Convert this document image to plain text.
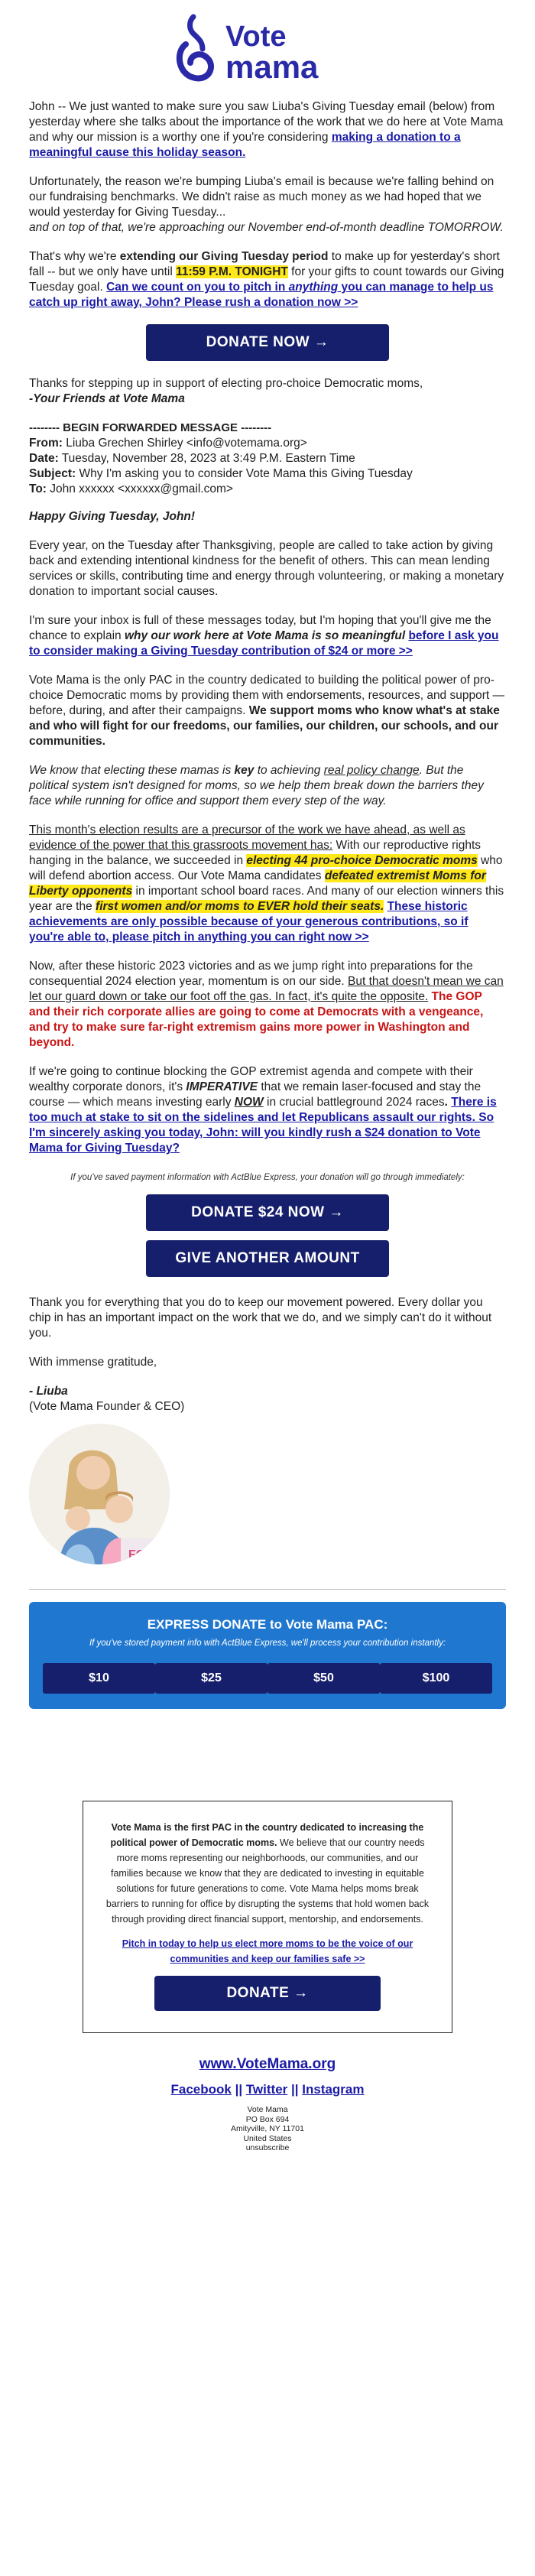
Vote
mama

John -- We just wanted to make sure you saw Liuba's Giving Tuesday email (below) from yesterday where she talks about the importance of the work that we do here at Vote Mama and why our mission is a worthy one if you're considering making a donation to a meaningful cause this holiday season.

Unfortunately, the reason we're bumping Liuba's email is because we're falling behind on our fundraising benchmarks. We didn't raise as much money as we had hoped that we would yesterday for Giving Tuesday...
and on top of that, we're approaching our November end-of-month deadline TOMORROW.

That's why we're extending our Giving Tuesday period to make up for yesterday's short fall -- but we only have until 11:59 P.M. TONIGHT for your gifts to count towards our Giving Tuesday goal. Can we count on you to pitch in anything you can manage to help us catch up right away, John? Please rush a donation now >>

DONATE NOW →

Thanks for stepping up in support of electing pro-choice Democratic moms,
-Your Friends at Vote Mama

-------- BEGIN FORWARDED MESSAGE --------

From: Liuba Grechen Shirley <info@votemama.org>
Date: Tuesday, November 28, 2023 at 3:49 P.M. Eastern Time
Subject: Why I'm asking you to consider Vote Mama this Giving Tuesday
To: John xxxxxx <xxxxxx@gmail.com>

Happy Giving Tuesday, John!

Every year, on the Tuesday after Thanksgiving, people are called to take action by giving back and extending intentional kindness for the benefit of others. This can mean lending services or skills, contributing time and energy through volunteering, or making a monetary donation to important social causes.

I'm sure your inbox is full of these messages today, but I'm hoping that you'll give me the chance to explain why our work here at Vote Mama is so meaningful before I ask you to consider making a Giving Tuesday contribution of $24 or more >>

Vote Mama is the only PAC in the country dedicated to building the political power of pro-choice Democratic moms by providing them with endorsements, resources, and support — before, during, and after their campaigns. We support moms who know what's at stake and who will fight for our freedoms, our families, our children, our schools, and our communities.

We know that electing these mamas is key to achieving real policy change. But the political system isn't designed for moms, so we help them break down the barriers they face while running for office and support them every step of the way.

This month's election results are a precursor of the work we have ahead, as well as evidence of the power that this grassroots movement has: With our reproductive rights hanging in the balance, we succeeded in electing 44 pro-choice Democratic moms who will defend abortion access. Our Vote Mama candidates defeated extremist Moms for Liberty opponents in important school board races. And many of our election winners this year are the first women and/or moms to EVER hold their seats. These historic achievements are only possible because of your generous contributions, so if you're able to, please pitch in anything you can right now >>

Now, after these historic 2023 victories and as we jump right into preparations for the consequential 2024 election year, momentum is on our side. But that doesn't mean we can let our guard down or take our foot off the gas. In fact, it's quite the opposite. The GOP and their rich corporate allies are going to come at Democrats with a vengeance, and try to make sure far-right extremism gains more power in Washington and beyond.

If we're going to continue blocking the GOP extremist agenda and compete with their wealthy corporate donors, it's IMPERATIVE that we remain laser-focused and stay the course — which means investing early NOW in crucial battleground 2024 races. There is too much at stake to sit on the sidelines and let Republicans assault our rights. So I'm sincerely asking you today, John: will you kindly rush a $24 donation to Vote Mama for Giving Tuesday?

If you've saved payment information with ActBlue Express, your donation will go through immediately:

DONATE $24 NOW →
GIVE ANOTHER AMOUNT

Thank you for everything that you do to keep our movement powered. Every dollar you chip in has an important impact on the work that we do, and we simply can't do it without you.

With immense gratitude,

- Liuba
(Vote Mama Founder & CEO)

FOR
EXPRESS DONATE to Vote Mama PAC:

If you've stored payment info with ActBlue Express, we'll process your contribution instantly:

$10	$25	$50	$100

Vote Mama is the first PAC in the country dedicated to increasing the political power of Democratic moms. We believe that our country needs more moms representing our neighborhoods, our communities, and our families because we know that they are dedicated to investing in equitable solutions for future generations to come. Vote Mama helps moms break barriers to running for office by disrupting the systems that hold women back through providing direct financial support, mentorship, and endorsements.

Pitch in today to help us elect more moms to be the voice of our communities and keep our families safe >>

DONATE →
www.VoteMama.org
Facebook || Twitter || Instagram
Vote Mama
PO Box 694
Amityville, NY 11701
United States
unsubscribe
